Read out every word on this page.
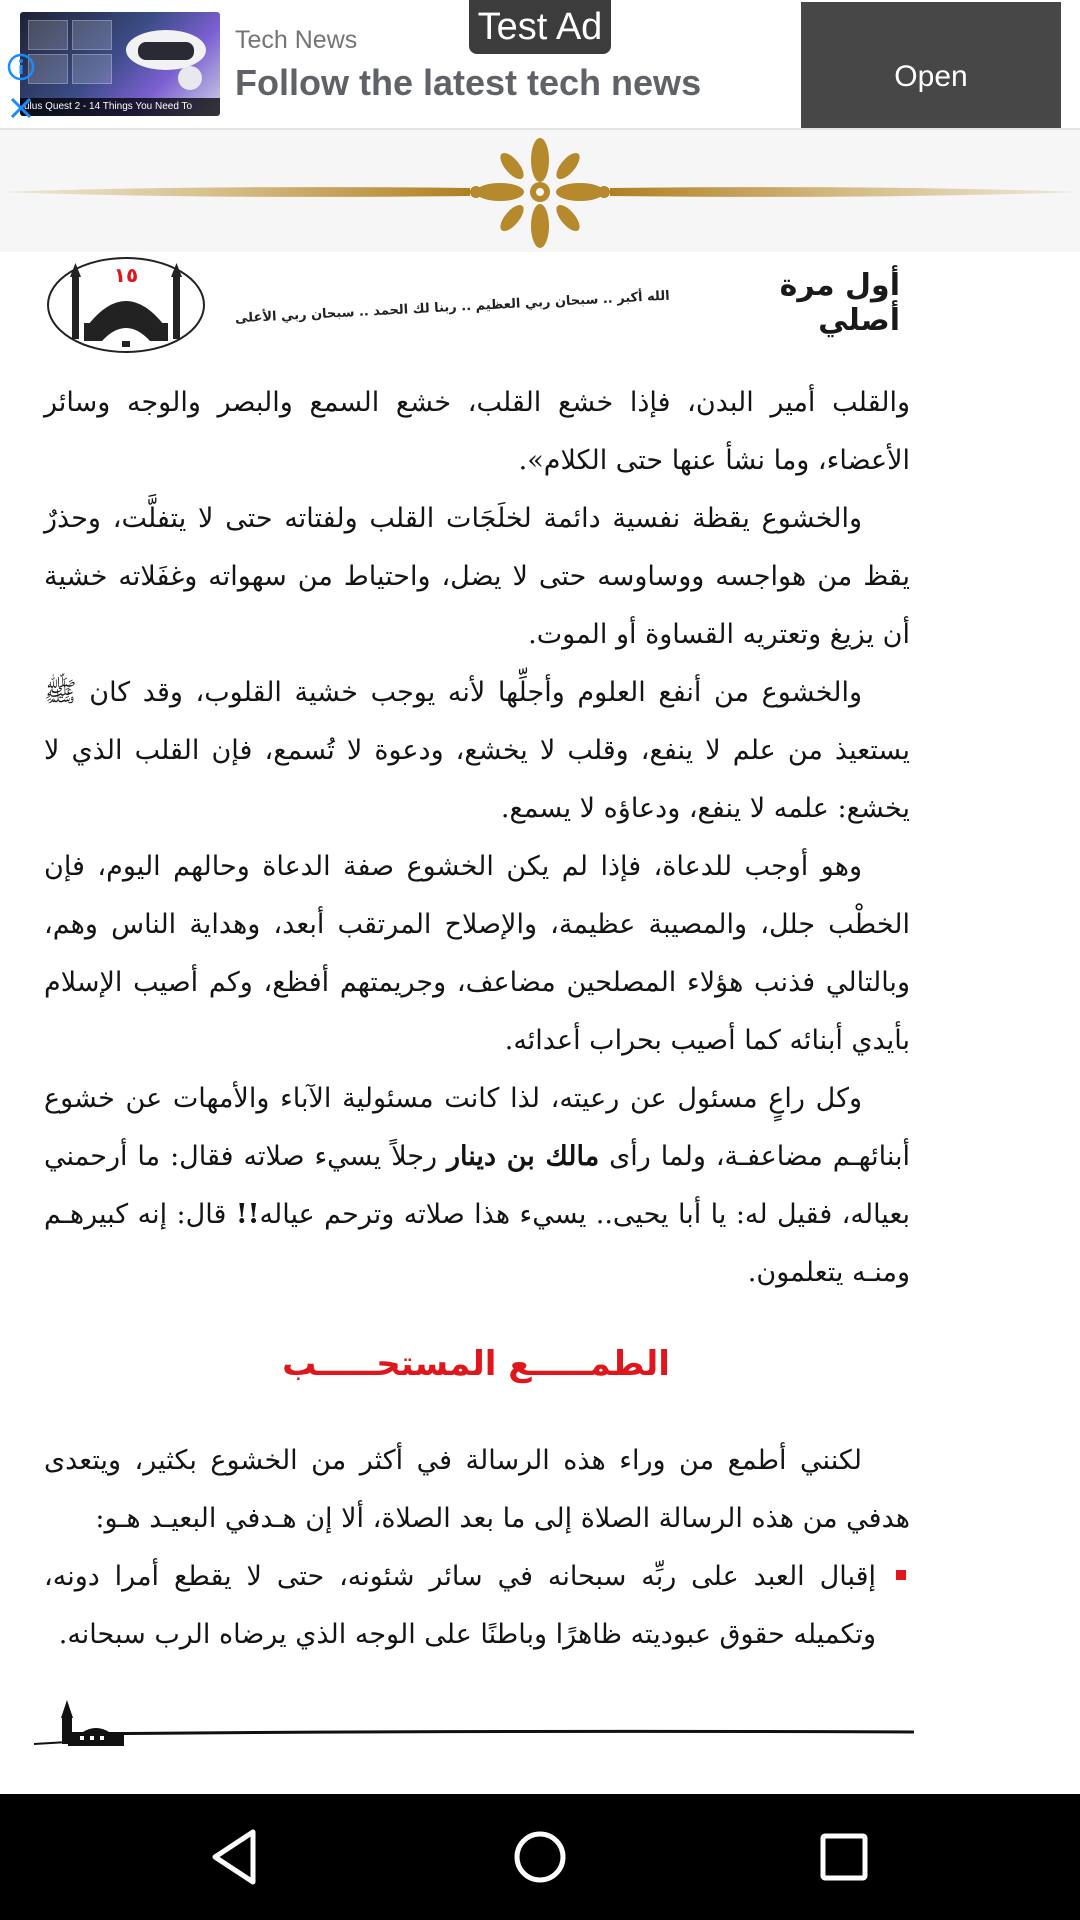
ulus Quest 2 - 14 Things You Need To
Tech News
Follow the latest tech news
Test Ad
Open
١٥
الله أكبر .. سبحان ربي العظيم .. ربنا لك الحمد .. سبحان ربي الأعلى
أول مرة أصلي

والقلب أمير البدن، فإذا خشع القلب، خشع السمع والبصر والوجه وسائر الأعضاء، وما نشأ عنها حتى الكلام».

والخشوع يقظة نفسية دائمة لخلَجَات القلب ولفتاته حتى لا يتفلَّت، وحذرٌ يقظ من هواجسه ووساوسه حتى لا يضل، واحتياط من سهواته وغفَلاته خشية أن يزيغ وتعتريه القساوة أو الموت.

والخشوع من أنفع العلوم وأجلِّها لأنه يوجب خشية القلوب، وقد كان ﷺ يستعيذ من علم لا ينفع، وقلب لا يخشع، ودعوة لا تُسمع، فإن القلب الذي لا يخشع: علمه لا ينفع، ودعاؤه لا يسمع.

وهو أوجب للدعاة، فإذا لم يكن الخشوع صفة الدعاة وحالهم اليوم، فإن الخطْب جلل، والمصيبة عظيمة، والإصلاح المرتقب أبعد، وهداية الناس وهم، وبالتالي فذنب هؤلاء المصلحين مضاعف، وجريمتهم أفظع، وكم أصيب الإسلام بأيدي أبنائه كما أصيب بحراب أعدائه.

وكل راعٍ مسئول عن رعيته، لذا كانت مسئولية الآباء والأمهات عن خشوع أبنائهـم مضاعفـة، ولما رأى مالك بن دينار رجلاً يسيء صلاته فقال: ما أرحمني بعياله، فقيل له: يا أبا يحيى.. يسيء هذا صلاته وترحم عياله!! قال: إنه كبيرهـم ومنـه يتعلمون.

الطمـــــع المستحـــــب

لكنني أطمع من وراء هذه الرسالة في أكثر من الخشوع بكثير، ويتعدى هدفي من هذه الرسالة الصلاة إلى ما بعد الصلاة، ألا إن هـدفي البعيـد هـو:

إقبال العبد على ربِّه سبحانه في سائر شئونه، حتى لا يقطع أمرا دونه، وتكميله حقوق عبوديته ظاهرًا وباطنًا على الوجه الذي يرضاه الرب سبحانه.
